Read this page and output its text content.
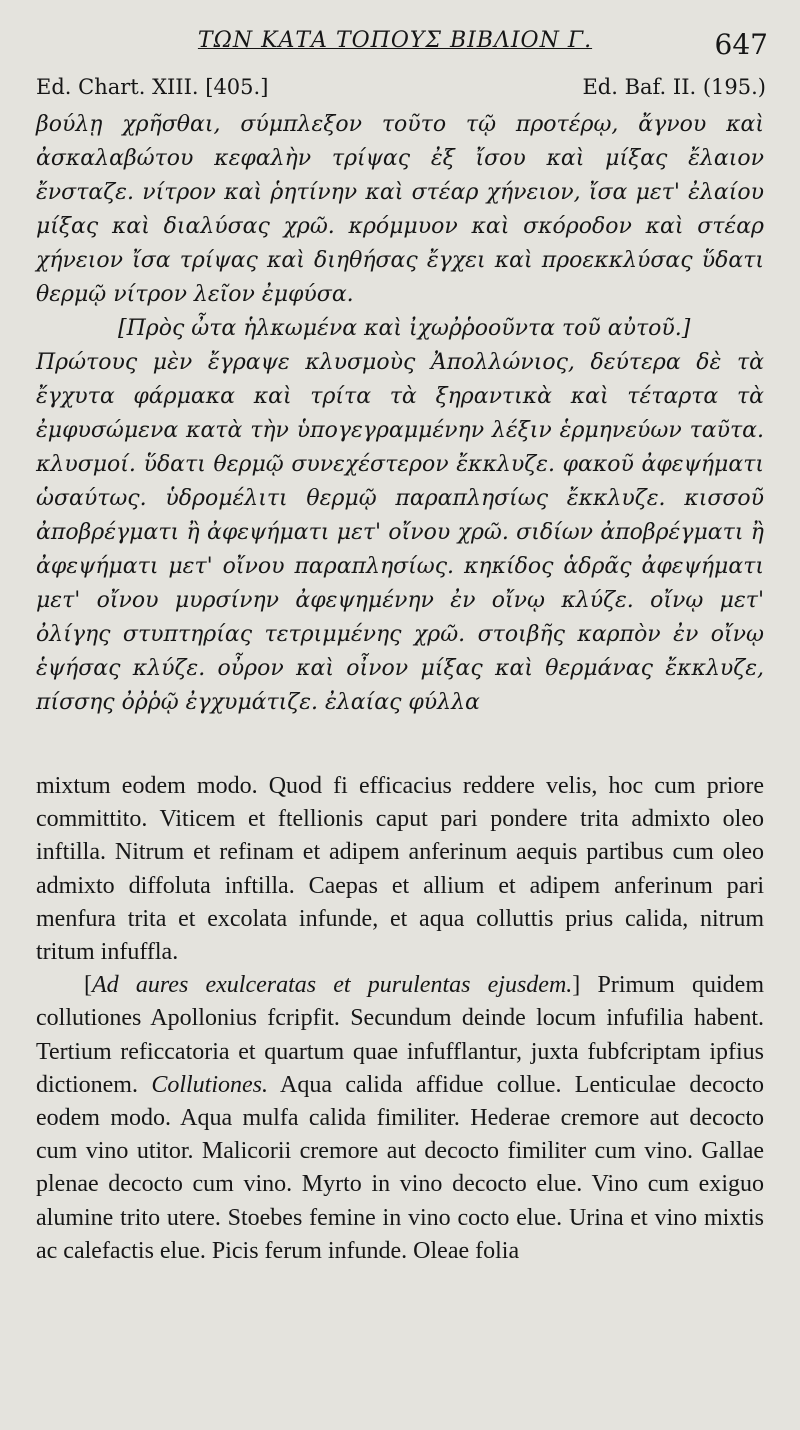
ΤΩΝ ΚΑΤΑ ΤΟΠΟΥΣ ΒΙΒΛΙΟΝ Γ.	647
Ed. Chart. XIII. [405.]	Ed. Baf. II. (195.)

βούλῃ χρῆσθαι, σύμπλεξον τοῦτο τῷ προτέρῳ, ἄγνου καὶ ἀσκαλαβώτου κεφαλὴν τρίψας ἐξ ἴσου καὶ μίξας ἔλαιον ἔνσταζε. νίτρον καὶ ῥητίνην καὶ στέαρ χήνειον, ἴσα μετ' ἐλαίου μίξας καὶ διαλύσας χρῶ. κρόμμυον καὶ σκόροδον καὶ στέαρ χήνειον ἴσα τρίψας καὶ διηθήσας ἔγχει καὶ προεκκλύσας ὕδατι θερμῷ νίτρον λεῖον ἐμφύσα.

[Πρὸς ὦτα ἡλκωμένα καὶ ἰχωῤῥοοῦντα τοῦ αὐτοῦ.]

Πρώτους μὲν ἔγραψε κλυσμοὺς Ἀπολλώνιος, δεύτερα δὲ τὰ ἔγχυτα φάρμακα καὶ τρίτα τὰ ξηραντικὰ καὶ τέταρτα τὰ ἐμφυσώμενα κατὰ τὴν ὑπογεγραμμένην λέξιν ἑρμηνεύων ταῦτα. κλυσμοί. ὕδατι θερμῷ συνεχέστερον ἔκκλυζε. φακοῦ ἀφεψήματι ὡσαύτως. ὑδρομέλιτι θερμῷ παραπλησίως ἔκκλυζε. κισσοῦ ἀποβρέγματι ἢ ἀφεψήματι μετ' οἴνου χρῶ. σιδίων ἀποβρέγματι ἢ ἀφεψήματι μετ' οἴνου παραπλησίως. κηκίδος ἁδρᾶς ἀφεψήματι μετ' οἴνου μυρσίνην ἀφεψημένην ἐν οἴνῳ κλύζε. οἴνῳ μετ' ὀλίγης στυπτηρίας τετριμμένης χρῶ. στοιβῆς καρπὸν ἐν οἴνῳ ἑψήσας κλύζε. οὖρον καὶ οἶνον μίξας καὶ θερμάνας ἔκκλυζε, πίσσης ὀῤῥῷ ἐγχυμάτιζε. ἐλαίας φύλλα

mixtum eodem modo. Quod fi efficacius reddere velis, hoc cum priore committito. Viticem et ftellionis caput pari pondere trita admixto oleo inftilla. Nitrum et refinam et adipem anferinum aequis partibus cum oleo admixto diffoluta inftilla. Caepas et allium et adipem anferinum pari menfura trita et excolata infunde, et aqua colluttis prius calida, nitrum tritum infuffla.

[Ad aures exulceratas et purulentas ejusdem.] Primum quidem collutiones Apollonius fcripfit. Secundum deinde locum infufilia habent. Tertium reficcatoria et quartum quae infufflantur, juxta fubfcriptam ipfius dictionem. Collutiones. Aqua calida affidue collue. Lenticulae decocto eodem modo. Aqua mulfa calida fimiliter. Hederae cremore aut decocto cum vino utitor. Malicorii cremore aut decocto fimiliter cum vino. Gallae plenae decocto cum vino. Myrto in vino decocto elue. Vino cum exiguo alumine trito utere. Stoebes femine in vino cocto elue. Urina et vino mixtis ac calefactis elue. Picis ferum infunde. Oleae folia
